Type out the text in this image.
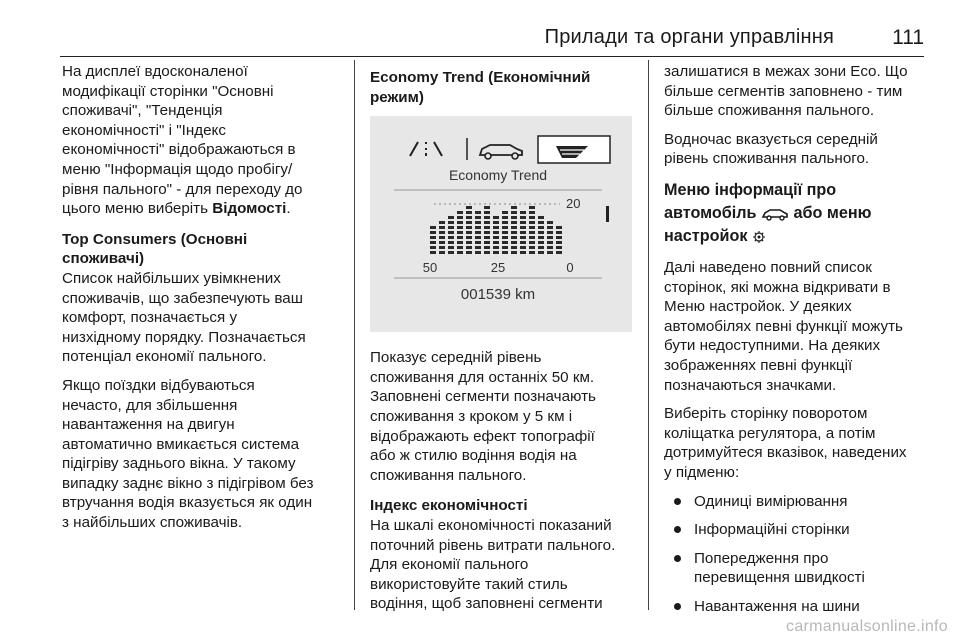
Прилади та органи управління	111

На дисплеї вдосконаленої
модифікації сторінки "Основні
споживачі", "Тенденція
економічності" і "Індекс
економічності" відображаються в
меню "Інформація щодо пробігу/
рівня пального" - для переходу до
цього меню виберіть Відомості.

Top Consumers (Основні
споживачі)

Список найбільших увімкнених
споживачів, що забезпечують ваш
комфорт, позначається у
низхідному порядку. Позначається
потенціал економії пального.

Якщо поїздки відбуваються
нечасто, для збільшення
навантаження на двигун
автоматично вмикається система
підігріву заднього вікна. У такому
випадку заднє вікно з підігрівом без
втручання водія вказується як один
з найбільших споживачів.

Economy Trend (Економічний
режим)

Economy Trend
20
50	25	0
001539 km

Показує середній рівень
споживання для останніх 50 км.
Заповнені сегменти позначають
споживання з кроком у 5 км і
відображають ефект топографії
або ж стилю водіння водія на
споживання пального.

Індекс економічності

На шкалі економічності показаний
поточний рівень витрати пального.
Для економії пального
використовуйте такий стиль
водіння, щоб заповнені сегменти

залишатися в межах зони Eco. Що
більше сегментів заповнено - тим
більше споживання пального.

Водночас вказується середній
рівень споживання пального.

Меню інформації про
автомобіль або меню
настройок

Далі наведено повний список
сторінок, які можна відкривати в
Меню настройок. У деяких
автомобілях певні функції можуть
бути недоступними. На деяких
зображеннях певні функції
позначаються значками.

Виберіть сторінку поворотом
коліщатка регулятора, а потім
дотримуйтеся вказівок, наведених
у підменю:

Одиниці вимірювання
Інформаційні сторінки
Попередження про
перевищення швидкості
Навантаження на шини
carmanualsonline.info
